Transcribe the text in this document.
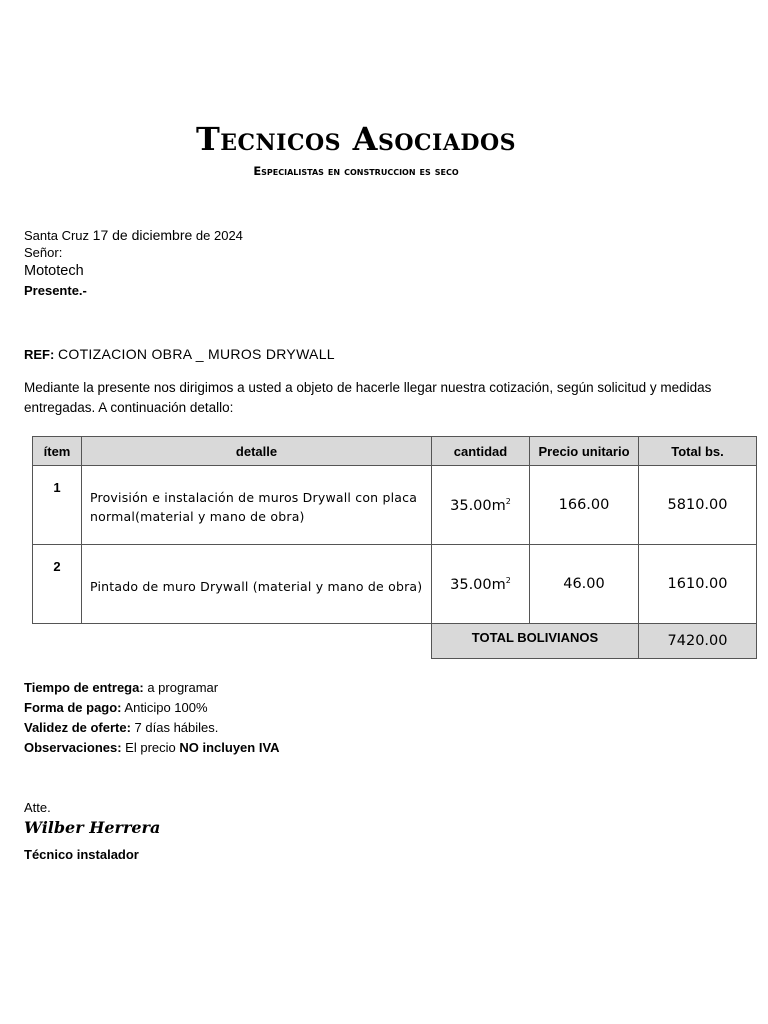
Tecnicos Asociados
Especialistas en construccion es seco
Santa Cruz 17 de diciembre de 2024
Señor:
Mototech
Presente.-
REF: COTIZACION OBRA _ MUROS DRYWALL
Mediante la presente nos dirigimos a usted a objeto de hacerle llegar nuestra cotización, según solicitud y medidas entregadas. A continuación detallo:
ítem	detalle	cantidad	Precio unitario	Total bs.
1	Provisión e instalación de muros Drywall con placa normal(material y mano de obra)	$35.00m^2$	166.00	5810.00
2	Pintado de muro Drywall (material y mano de obra)	$35.00m^2$	46.00	1610.00
		TOTAL BOLIVIANOS		7420.00
Tiempo de entrega: a programar
Forma de pago: Anticipo 100%
Validez de oferte: 7 días hábiles.
Observaciones: El precio NO incluyen IVA
Atte.
Wilber Herrera
Técnico instalador
